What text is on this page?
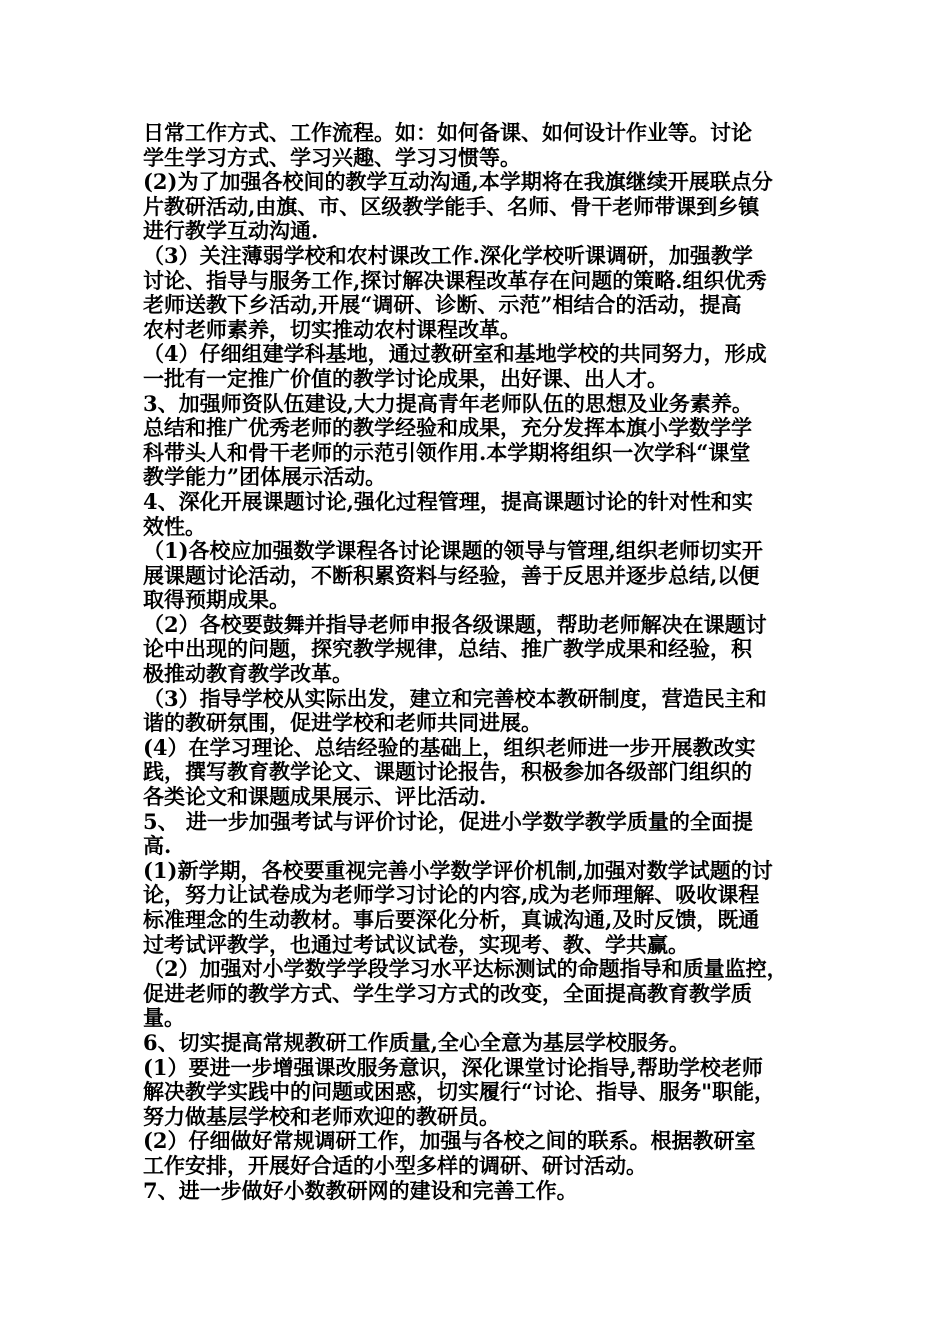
日常工作方式、工作流程。如：如何备课、如何设计作业等。讨论
学生学习方式、学习兴趣、学习习惯等。
(2)为了加强各校间的教学互动沟通,本学期将在我旗继续开展联点分
片教研活动,由旗、市、区级教学能手、名师、骨干老师带课到乡镇
进行教学互动沟通.
（3）关注薄弱学校和农村课改工作.深化学校听课调研，加强教学
讨论、指导与服务工作,探讨解决课程改革存在问题的策略.组织优秀
老师送教下乡活动,开展“调研、诊断、示范”相结合的活动，提高
农村老师素养，切实推动农村课程改革。
（4）仔细组建学科基地，通过教研室和基地学校的共同努力，形成
一批有一定推广价值的教学讨论成果，出好课、出人才。
3、加强师资队伍建设,大力提高青年老师队伍的思想及业务素养。
总结和推广优秀老师的教学经验和成果，充分发挥本旗小学数学学
科带头人和骨干老师的示范引领作用.本学期将组织一次学科“课堂
教学能力”团体展示活动。
4、深化开展课题讨论,强化过程管理，提高课题讨论的针对性和实
效性。
（1)各校应加强数学课程各讨论课题的领导与管理,组织老师切实开
展课题讨论活动，不断积累资料与经验，善于反思并逐步总结,以便
取得预期成果。
（2）各校要鼓舞并指导老师申报各级课题，帮助老师解决在课题讨
论中出现的问题，探究教学规律，总结、推广教学成果和经验，积
极推动教育教学改革。
（3）指导学校从实际出发，建立和完善校本教研制度，营造民主和
谐的教研氛围，促进学校和老师共同进展。
(4）在学习理论、总结经验的基础上，组织老师进一步开展教改实
践，撰写教育教学论文、课题讨论报告，积极参加各级部门组织的
各类论文和课题成果展示、评比活动.
5、 进一步加强考试与评价讨论，促进小学数学教学质量的全面提
高.
(1)新学期，各校要重视完善小学数学评价机制,加强对数学试题的讨
论，努力让试卷成为老师学习讨论的内容,成为老师理解、吸收课程
标准理念的生动教材。事后要深化分析，真诚沟通,及时反馈，既通
过考试评教学，也通过考试议试卷，实现考、教、学共赢。
（2）加强对小学数学学段学习水平达标测试的命题指导和质量监控，
促进老师的教学方式、学生学习方式的改变，全面提高教育教学质
量。
6、切实提高常规教研工作质量,全心全意为基层学校服务。
(1）要进一步增强课改服务意识，深化课堂讨论指导,帮助学校老师
解决教学实践中的问题或困惑，切实履行“讨论、指导、服务"职能，
努力做基层学校和老师欢迎的教研员。
(2）仔细做好常规调研工作，加强与各校之间的联系。根据教研室
工作安排，开展好合适的小型多样的调研、研讨活动。
7、进一步做好小数教研网的建设和完善工作。
